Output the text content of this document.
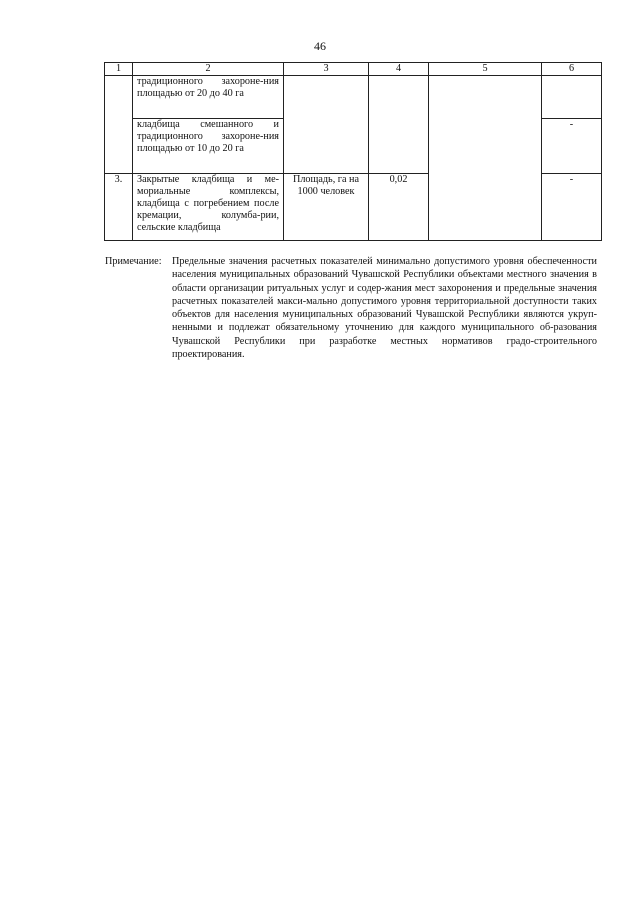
46
1	2	3	4	5	6
	традиционного захороне-ния площадью от 20 до 40 га				
	кладбища смешанного и традиционного захороне-ния площадью от 10 до 20 га				-
3.	Закрытые кладбища и ме-мориальные комплексы, кладбища с погребением после кремации, колумба-рии, сельские кладбища	Площадь, га на 1000 человек	0,02		-
Примечание: Предельные значения расчетных показателей минимально допустимого уровня обеспеченности населения муниципальных образований Чувашской Республики объектами местного значения в области организации ритуальных услуг и содер-жания мест захоронения и предельные значения расчетных показателей макси-мально допустимого уровня территориальной доступности таких объектов для населения муниципальных образований Чувашской Республики являются укруп-ненными и подлежат обязательному уточнению для каждого муниципального об-разования Чувашской Республики при разработке местных нормативов градо-строительного проектирования.
